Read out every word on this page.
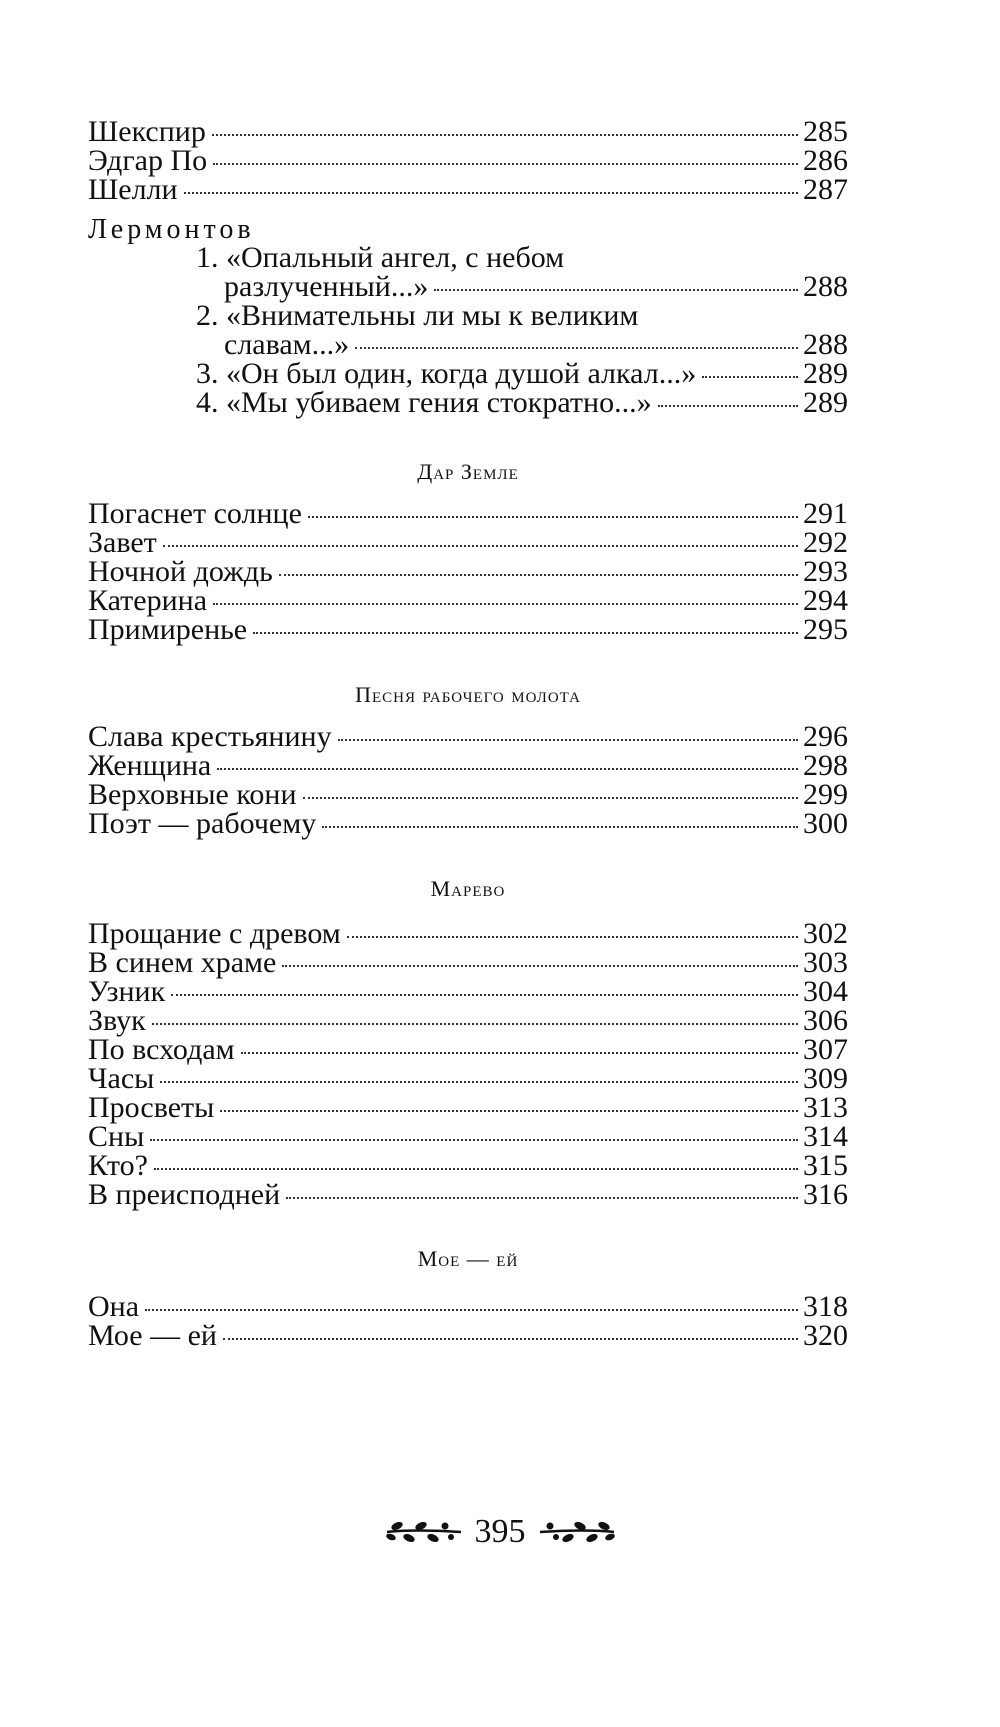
Шекспир	285
Эдгар По	286
Шелли	287
Лермонтов
1. «Опальный ангел, с небом
разлученный...»	288
2. «Внимательны ли мы к великим
славам...»	288
3. «Он был один, когда душой алкал...»	289
4. «Мы убиваем гения стократно...»	289
Дар Земле
Погаснет солнце	291
Завет	292
Ночной дождь	293
Катерина	294
Примиренье	295
Песня рабочего молота
Слава крестьянину	296
Женщина	298
Верховные кони	299
Поэт — рабочему	300
Марево
Прощание с древом	302
В синем храме	303
Узник	304
Звук	306
По всходам	307
Часы	309
Просветы	313
Сны	314
Кто?	315
В преисподней	316
Мое — ей
Она	318
Мое — ей	320
395
